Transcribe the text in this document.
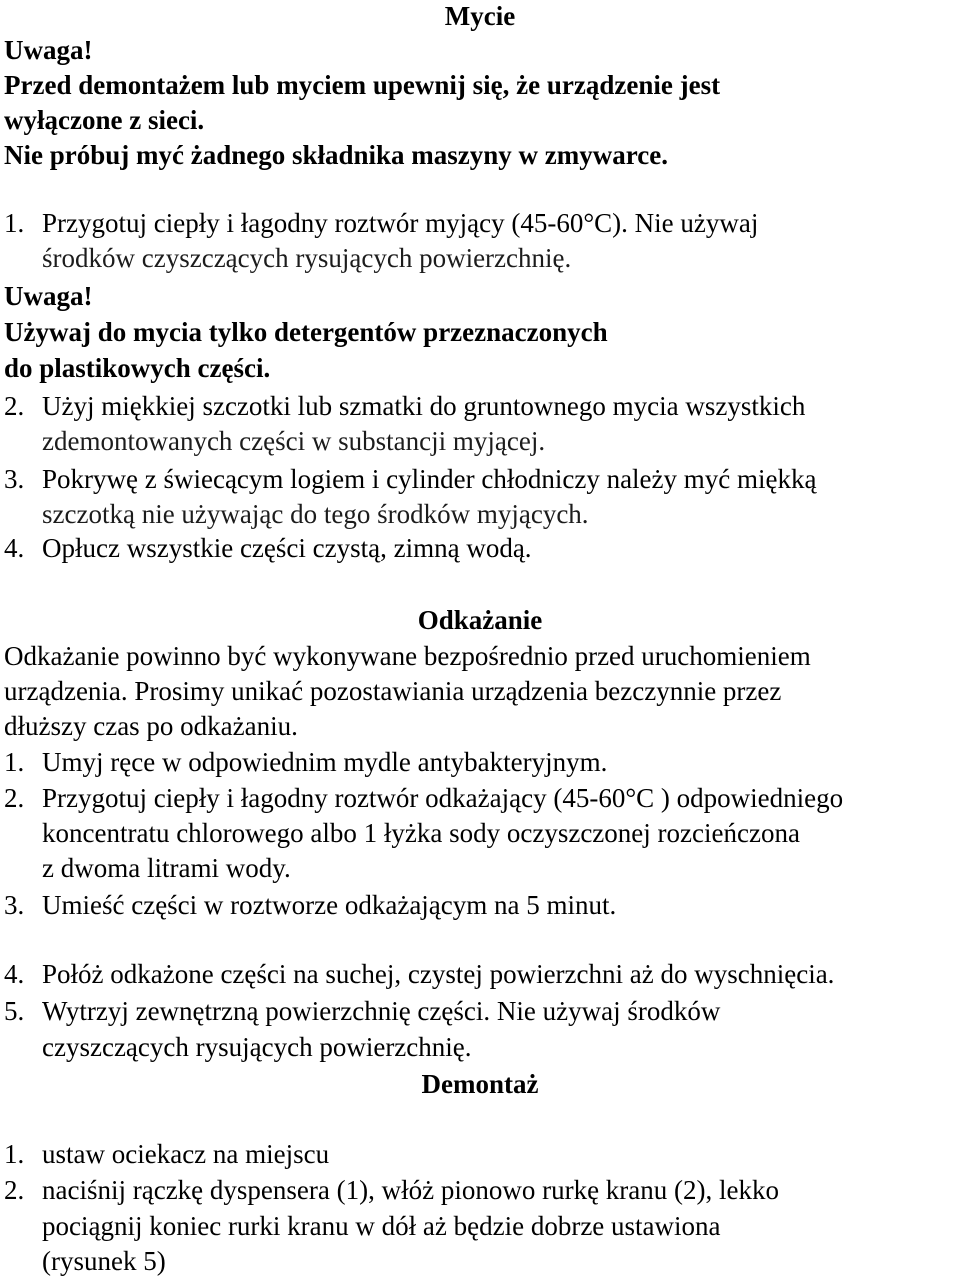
Mycie
Uwaga!
Przed demontażem lub myciem upewnij się, że urządzenie jest
wyłączone z sieci.
Nie próbuj myć żadnego składnika maszyny w zmywarce.
1. Przygotuj ciepły i łagodny roztwór myjący (45-60°C). Nie używaj
środków czyszczących rysujących powierzchnię.
Uwaga!
Używaj do mycia tylko detergentów przeznaczonych
do plastikowych części.
2. Użyj miękkiej szczotki lub szmatki do gruntownego mycia wszystkich
zdemontowanych części w substancji myjącej.
3. Pokrywę z świecącym logiem i cylinder chłodniczy należy myć miękką
szczotką nie używając do tego środków myjących.
4. Opłucz wszystkie części czystą, zimną wodą.
Odkażanie
Odkażanie powinno być wykonywane bezpośrednio przed uruchomieniem
urządzenia. Prosimy unikać pozostawiania urządzenia bezczynnie przez
dłuższy czas po odkażaniu.
1. Umyj ręce w odpowiednim mydle antybakteryjnym.
2. Przygotuj ciepły i łagodny roztwór odkażający (45-60°C ) odpowiedniego
koncentratu chlorowego albo 1 łyżka sody oczyszczonej rozcieńczona
z dwoma litrami wody.
3. Umieść części w roztworze odkażającym na 5 minut.
4. Połóż odkażone części na suchej, czystej powierzchni aż do wyschnięcia.
5. Wytrzyj zewnętrzną powierzchnię części. Nie używaj środków
czyszczących rysujących powierzchnię.
Demontaż
1. ustaw ociekacz na miejscu
2. naciśnij rączkę dyspensera (1), włóż pionowo rurkę kranu (2), lekko
pociągnij koniec rurki kranu w dół aż będzie dobrze ustawiona
(rysunek 5)
